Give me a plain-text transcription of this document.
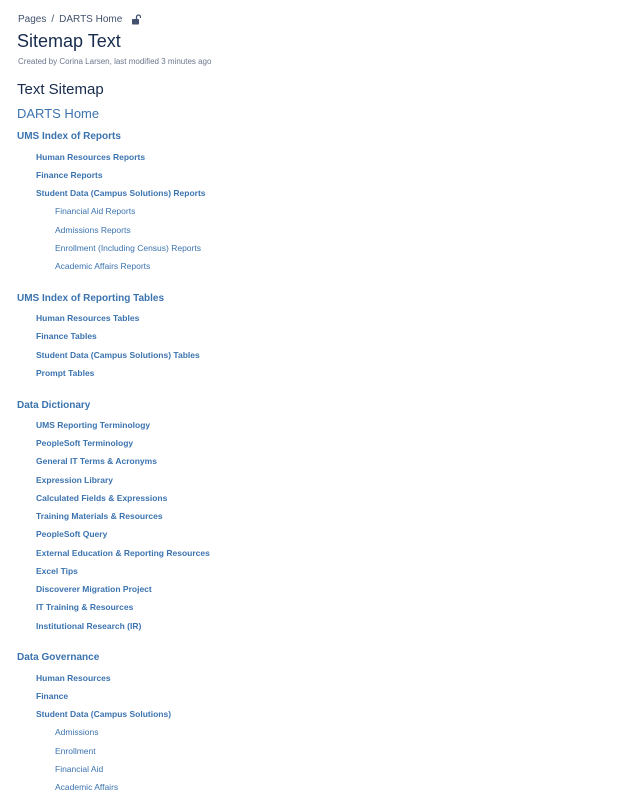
Pages / DARTS Home
Sitemap Text
Created by Corina Larsen, last modified 3 minutes ago
Text Sitemap
DARTS Home
UMS Index of Reports
Human Resources Reports
Finance Reports
Student Data (Campus Solutions) Reports
Financial Aid Reports
Admissions Reports
Enrollment (Including Census) Reports
Academic Affairs Reports
UMS Index of Reporting Tables
Human Resources Tables
Finance Tables
Student Data (Campus Solutions) Tables
Prompt Tables
Data Dictionary
UMS Reporting Terminology
PeopleSoft Terminology
General IT Terms & Acronyms
Expression Library
Calculated Fields & Expressions
Training Materials & Resources
PeopleSoft Query
External Education & Reporting Resources
Excel Tips
Discoverer Migration Project
IT Training & Resources
Institutional Research (IR)
Data Governance
Human Resources
Finance
Student Data (Campus Solutions)
Admissions
Enrollment
Financial Aid
Academic Affairs
